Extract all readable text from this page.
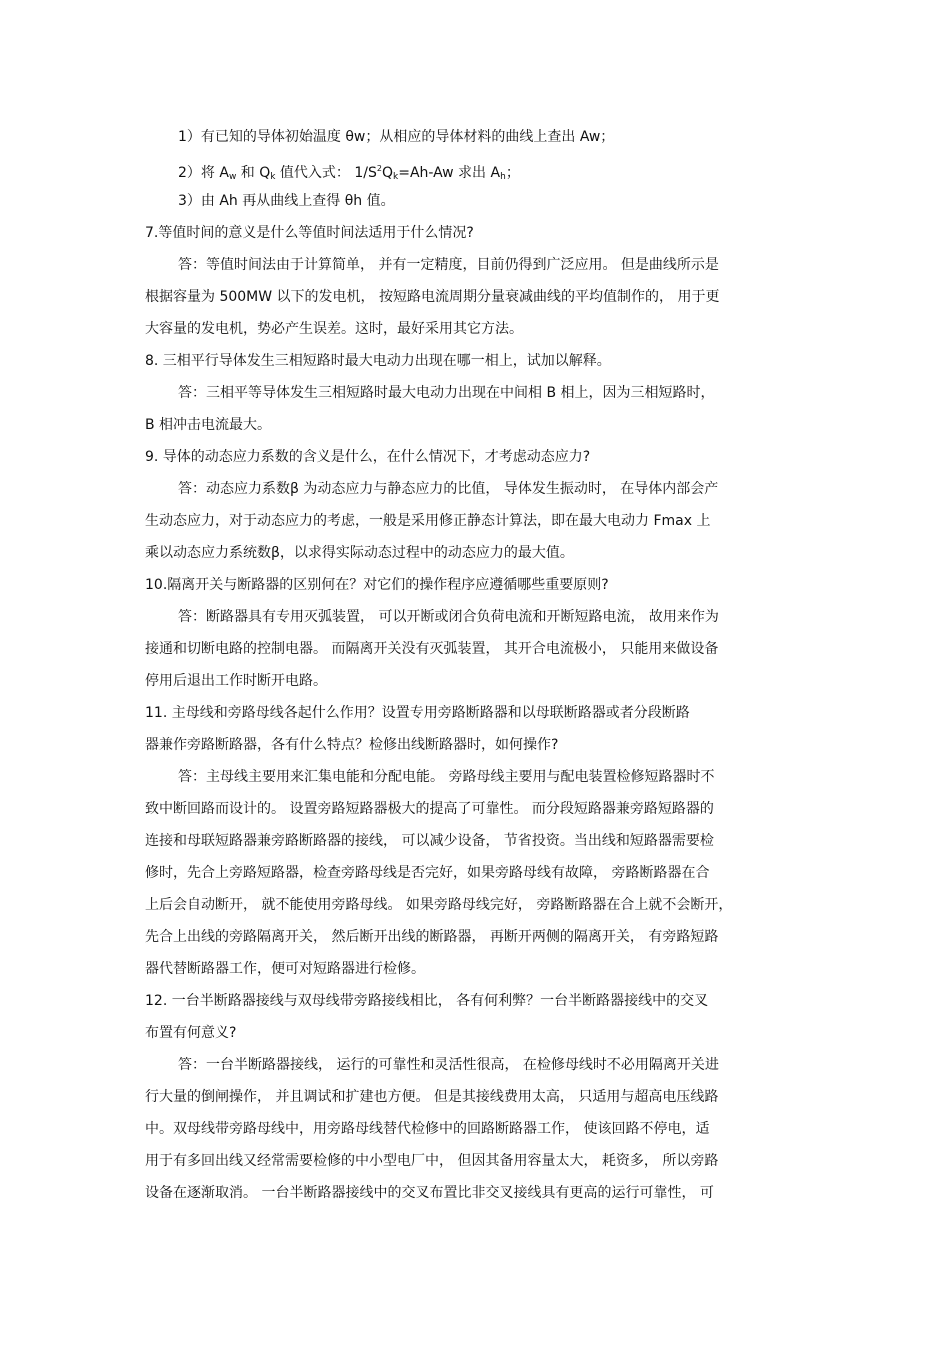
1）有已知的导体初始温度 θw；从相应的导体材料的曲线上查出 Aw；
2）将 $A_w$ 和 $Q_k$ 值代入式： $1/S^2Q_k=Ah-Aw$ 求出 $A_h$；
3）由 Ah 再从曲线上查得 θh 值。
7.等值时间的意义是什么等值时间法适用于什么情况?
答：等值时间法由于计算简单， 并有一定精度，目前仍得到广泛应用。 但是曲线所示是
根据容量为 500MW 以下的发电机， 按短路电流周期分量衰减曲线的平均值制作的， 用于更
大容量的发电机，势必产生误差。这时，最好采用其它方法。
8. 三相平行导体发生三相短路时最大电动力出现在哪一相上，试加以解释。
答：三相平等导体发生三相短路时最大电动力出现在中间相 B 相上，因为三相短路时，
B 相冲击电流最大。
9. 导体的动态应力系数的含义是什么，在什么情况下，才考虑动态应力?
答：动态应力系数β 为动态应力与静态应力的比值， 导体发生振动时， 在导体内部会产
生动态应力，对于动态应力的考虑，一般是采用修正静态计算法，即在最大电动力 Fmax 上
乘以动态应力系统数β，以求得实际动态过程中的动态应力的最大值。
10.隔离开关与断路器的区别何在？对它们的操作程序应遵循哪些重要原则?
答：断路器具有专用灭弧装置， 可以开断或闭合负荷电流和开断短路电流， 故用来作为
接通和切断电路的控制电器。 而隔离开关没有灭弧装置， 其开合电流极小， 只能用来做设备
停用后退出工作时断开电路。
11. 主母线和旁路母线各起什么作用？设置专用旁路断路器和以母联断路器或者分段断路
器兼作旁路断路器，各有什么特点？检修出线断路器时，如何操作?
答：主母线主要用来汇集电能和分配电能。 旁路母线主要用与配电装置检修短路器时不
致中断回路而设计的。 设置旁路短路器极大的提高了可靠性。 而分段短路器兼旁路短路器的
连接和母联短路器兼旁路断路器的接线， 可以减少设备， 节省投资。当出线和短路器需要检
修时，先合上旁路短路器，检查旁路母线是否完好，如果旁路母线有故障， 旁路断路器在合
上后会自动断开， 就不能使用旁路母线。 如果旁路母线完好， 旁路断路器在合上就不会断开，
先合上出线的旁路隔离开关， 然后断开出线的断路器， 再断开两侧的隔离开关， 有旁路短路
器代替断路器工作，便可对短路器进行检修。
12. 一台半断路器接线与双母线带旁路接线相比， 各有何利弊？一台半断路器接线中的交叉
布置有何意义?
答：一台半断路器接线， 运行的可靠性和灵活性很高， 在检修母线时不必用隔离开关进
行大量的倒闸操作， 并且调试和扩建也方便。 但是其接线费用太高， 只适用与超高电压线路
中。双母线带旁路母线中，用旁路母线替代检修中的回路断路器工作， 使该回路不停电，适
用于有多回出线又经常需要检修的中小型电厂中， 但因其备用容量太大， 耗资多， 所以旁路
设备在逐渐取消。 一台半断路器接线中的交叉布置比非交叉接线具有更高的运行可靠性， 可
